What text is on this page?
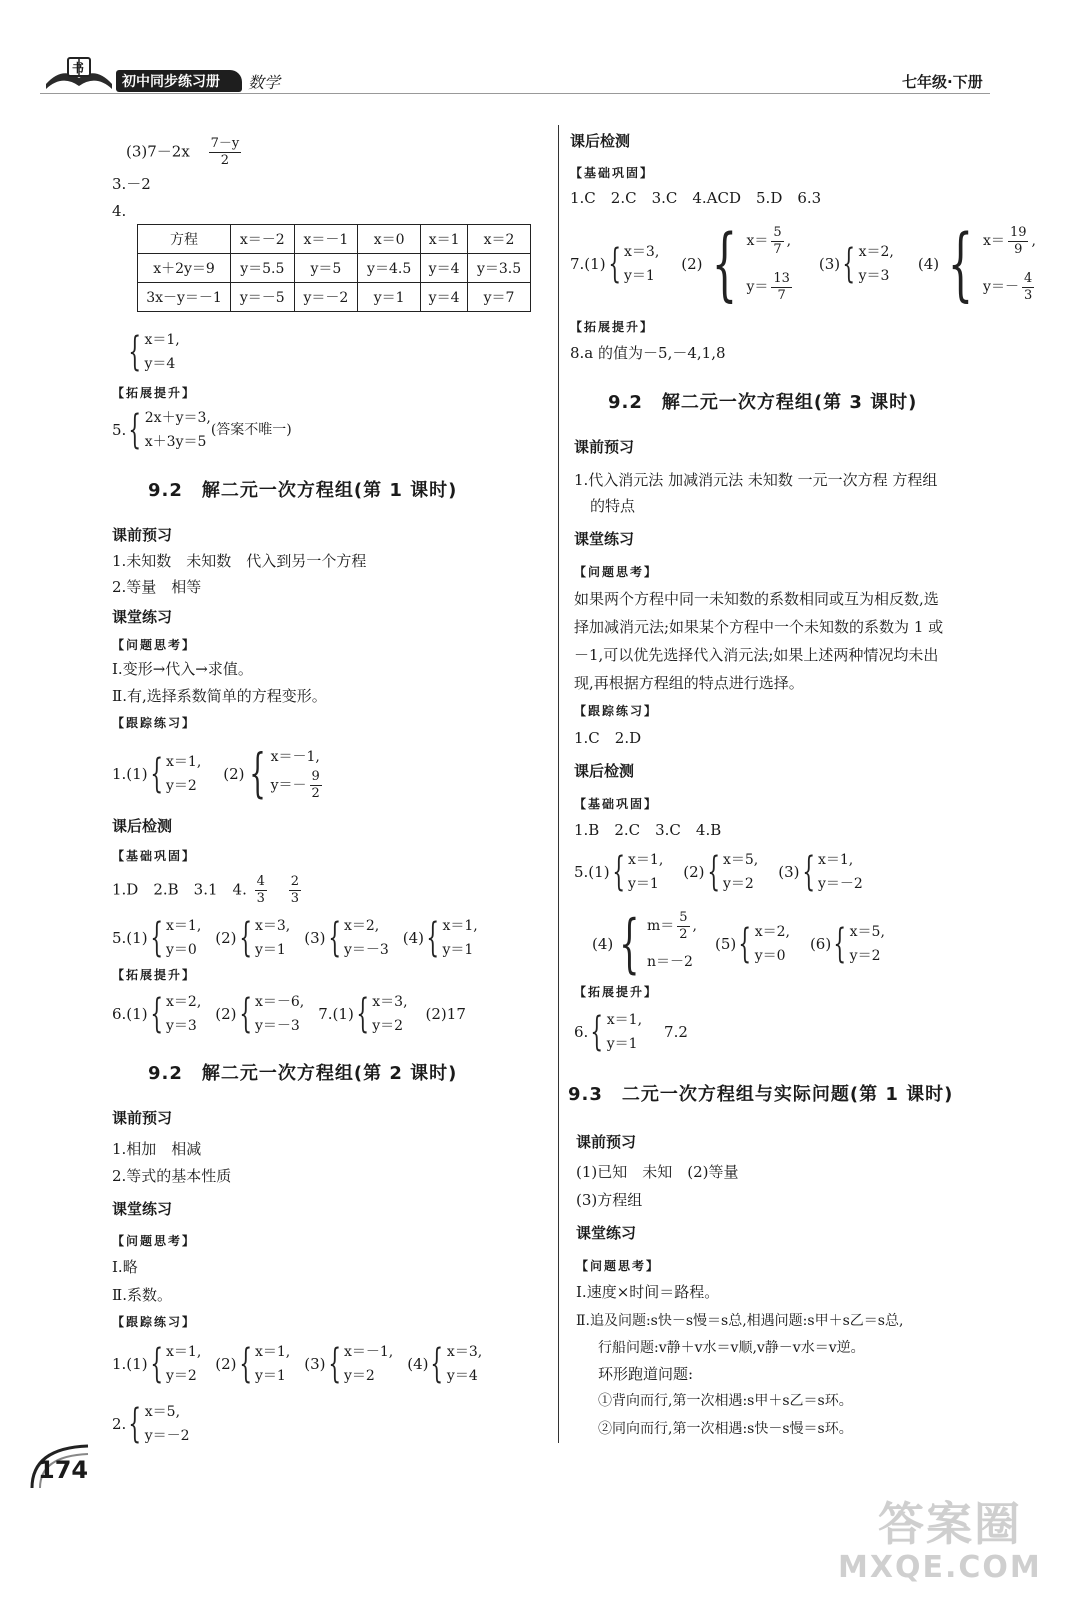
书
初中同步练习册 数学	七年级·下册
$(3)7-2x \frac{7-y}{2}$
3.－2
4.
方程	x＝－2	x＝－1	x＝0	x＝1	x＝2
x＋2y＝9	y＝5.5	y＝5	y＝4.5	y＝4	y＝3.5
3x－y＝－1	y＝－5	y＝－2	y＝1	y＝4	y＝7
{ x＝1,
y＝4
【拓展提升】
5. { 2x＋y＝3,
x＋3y＝5
(答案不唯一)
9.2　解二元一次方程组(第 1 课时)
课前预习
1.未知数　未知数　代入到另一个方程
2.等量　相等
课堂练习
【问题思考】
Ⅰ.变形→代入→求值。
Ⅱ.有,选择系数简单的方程变形。
【跟踪练习】
1.(1) { x＝1,
y＝2
(2) { x＝－1,
$y=- \frac{9}{2}$
课后检测
【基础巩固】
1.D　2.B　3.1　4. $\frac{4}{3}$
$\frac{2}{3}$
5.(1) { x＝1,
y＝0
(2) { x＝3,
y＝1
(3) { x＝2,
y＝－3
(4) { x＝1,
y＝1
【拓展提升】
6.(1) { x＝2,
y＝3
(2) { x＝－6,
y＝－3
7.(1) { x＝3,
y＝2
(2)17
9.2　解二元一次方程组(第 2 课时)
课前预习
1.相加　相减
2.等式的基本性质
课堂练习
【问题思考】
Ⅰ.略
Ⅱ.系数。
【跟踪练习】
1.(1) { x＝1,
y＝2
(2) { x＝1,
y＝1
(3) { x＝－1,
y＝2
(4) { x＝3,
y＝4
2. { x＝5,
y＝－2
课后检测
【基础巩固】
1.C　2.C　3.C　4.ACD　5.D　6.3
7.(1) { x＝3,
y＝1
(2) { $x= \frac{5}{7}$ ,
$y= \frac{13}{7}$
(3) { x＝2,
y＝3
(4) { $x= \frac{19}{9}$ ,
$y=- \frac{4}{3}$
【拓展提升】
8.a 的值为－5,－4,1,8
9.2　解二元一次方程组(第 3 课时)
课前预习
1.代入消元法 加减消元法 未知数 一元一次方程 方程组
的特点
课堂练习
【问题思考】
如果两个方程中同一未知数的系数相同或互为相反数,选
择加减消元法;如果某个方程中一个未知数的系数为 1 或
－1,可以优先选择代入消元法;如果上述两种情况均未出
现,再根据方程组的特点进行选择。
【跟踪练习】
1.C　2.D
课后检测
【基础巩固】
1.B　2.C　3.C　4.B
5.(1) { x＝1,
y＝1
(2) { x＝5,
y＝2
(3) { x＝1,
y＝－2
(4) { $m= \frac{5}{2}$ ,
n＝－2
(5) { x＝2,
y＝0
(6) { x＝5,
y＝2
【拓展提升】
6. { x＝1,
y＝1
7.2
9.3　二元一次方程组与实际问题(第 1 课时)
课前预习
(1)已知　未知　(2)等量
(3)方程组
课堂练习
【问题思考】
Ⅰ.速度×时间＝路程。
Ⅱ.追及问题:s快－s慢＝s总,相遇问题:s甲＋s乙＝s总,
行船问题:v静＋v水＝v顺,v静－v水＝v逆。
环形跑道问题:
①背向而行,第一次相遇:s甲＋s乙＝s环。
②同向而行,第一次相遇:s快－s慢＝s环。
174
答案圈
MXQE.COM
